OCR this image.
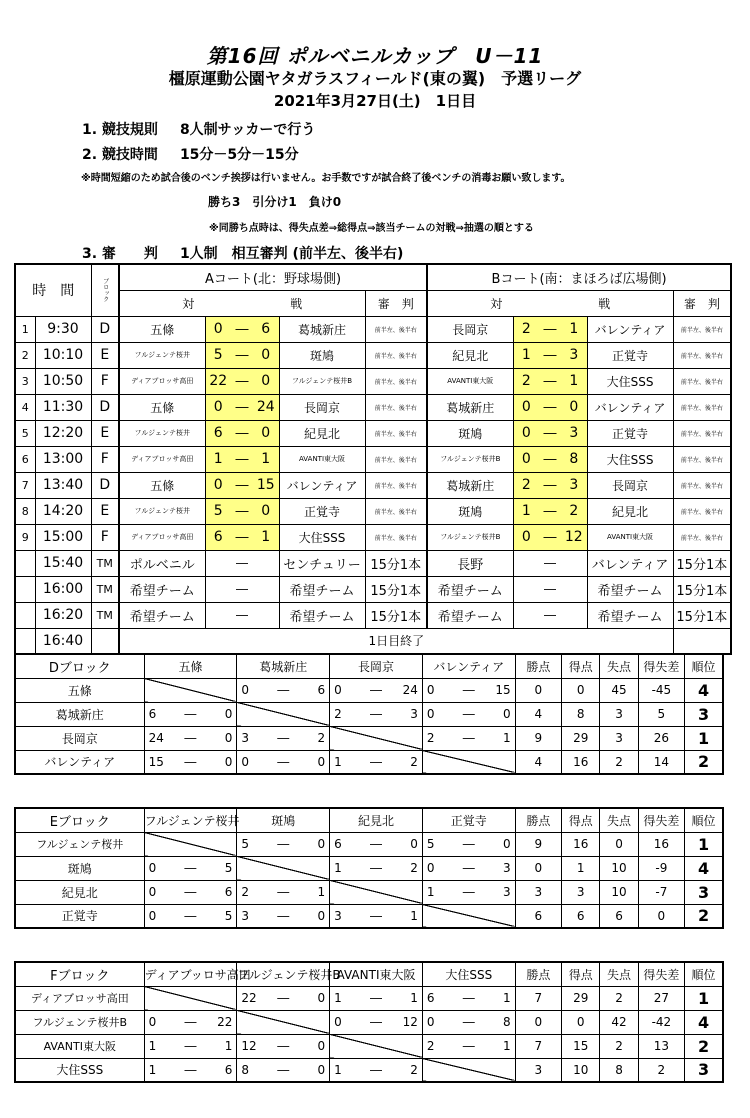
第16回 ポルベニルカップ　U－11
橿原運動公園ヤタガラスフィールド(東の翼)　予選リーグ
2021年3月27日(土)　1日目
1. 競技規則 8人制サッカーで行う
2. 競技時間 15分－5分－15分
※時間短縮のため試合後のベンチ挨拶は行いません。お手数ですが試合終了後ベンチの消毒お願い致します。
勝ち3　引分け1　負け0
※同勝ち点時は、得失点差⇒総得点⇒該当チームの対戦⇒抽選の順とする
3. 審　　判 1人制　相互審判 (前半左、後半右)
時　間		ブロック	Aコート(北：野球場側)						Bコート(南：まほろば広場側)					
			対　　　　　　　　戦					審　判	対　　　　　　　　戦					審　判
1	9:30	D	五條	0	―	6	葛城新庄	前半左、後半右	長岡京	2	―	1	バレンティア	前半左、後半右
2	10:10	E	フルジェンテ桜井	5	―	0	斑鳩	前半左、後半右	紀見北	1	―	3	正覚寺	前半左、後半右
3	10:50	F	ディアブロッサ高田	22	―	0	フルジェンテ桜井B	前半左、後半右	AVANTI東大阪	2	―	1	大住SSS	前半左、後半右
4	11:30	D	五條	0	―	24	長岡京	前半左、後半右	葛城新庄	0	―	0	バレンティア	前半左、後半右
5	12:20	E	フルジェンテ桜井	6	―	0	紀見北	前半左、後半右	斑鳩	0	―	3	正覚寺	前半左、後半右
6	13:00	F	ディアブロッサ高田	1	―	1	AVANTI東大阪	前半左、後半右	フルジェンテ桜井B	0	―	8	大住SSS	前半左、後半右
7	13:40	D	五條	0	―	15	バレンティア	前半左、後半右	葛城新庄	2	―	3	長岡京	前半左、後半右
8	14:20	E	フルジェンテ桜井	5	―	0	正覚寺	前半左、後半右	斑鳩	1	―	2	紀見北	前半左、後半右
9	15:00	F	ディアブロッサ高田	6	―	1	大住SSS	前半左、後半右	フルジェンテ桜井B	0	―	12	AVANTI東大阪	前半左、後半右
	15:40	TM	ポルベニル	―			センチュリー	15分1本	長野	―			バレンティア	15分1本
	16:00	TM	希望チーム	―			希望チーム	15分1本	希望チーム	―			希望チーム	15分1本
	16:20	TM	希望チーム	―			希望チーム	15分1本	希望チーム	―			希望チーム	15分1本
	16:40		1日目終了											
Dブロック	五條			葛城新庄			長岡京			バレンティア			勝点	得点	失点	得失差	順位
五條				0	―	6	0	―	24	0	―	15	0	0	45	-45	4
葛城新庄	6	―	0				2	―	3	0	―	0	4	8	3	5	3
長岡京	24	―	0	3	―	2				2	―	1	9	29	3	26	1
バレンティア	15	―	0	0	―	0	1	―	2				4	16	2	14	2
Eブロック	フルジェンテ桜井			斑鳩			紀見北			正覚寺			勝点	得点	失点	得失差	順位
フルジェンテ桜井				5	―	0	6	―	0	5	―	0	9	16	0	16	1
斑鳩	0	―	5				1	―	2	0	―	3	0	1	10	-9	4
紀見北	0	―	6	2	―	1				1	―	3	3	3	10	-7	3
正覚寺	0	―	5	3	―	0	3	―	1				6	6	6	0	2
Fブロック	ディアブッロサ高田			フルジェンテ桜井B			AVANTI東大阪			大住SSS			勝点	得点	失点	得失差	順位
ディアブロッサ高田				22	―	0	1	―	1	6	―	1	7	29	2	27	1
フルジェンテ桜井B	0	―	22				0	―	12	0	―	8	0	0	42	-42	4
AVANTI東大阪	1	―	1	12	―	0				2	―	1	7	15	2	13	2
大住SSS	1	―	6	8	―	0	1	―	2				3	10	8	2	3
